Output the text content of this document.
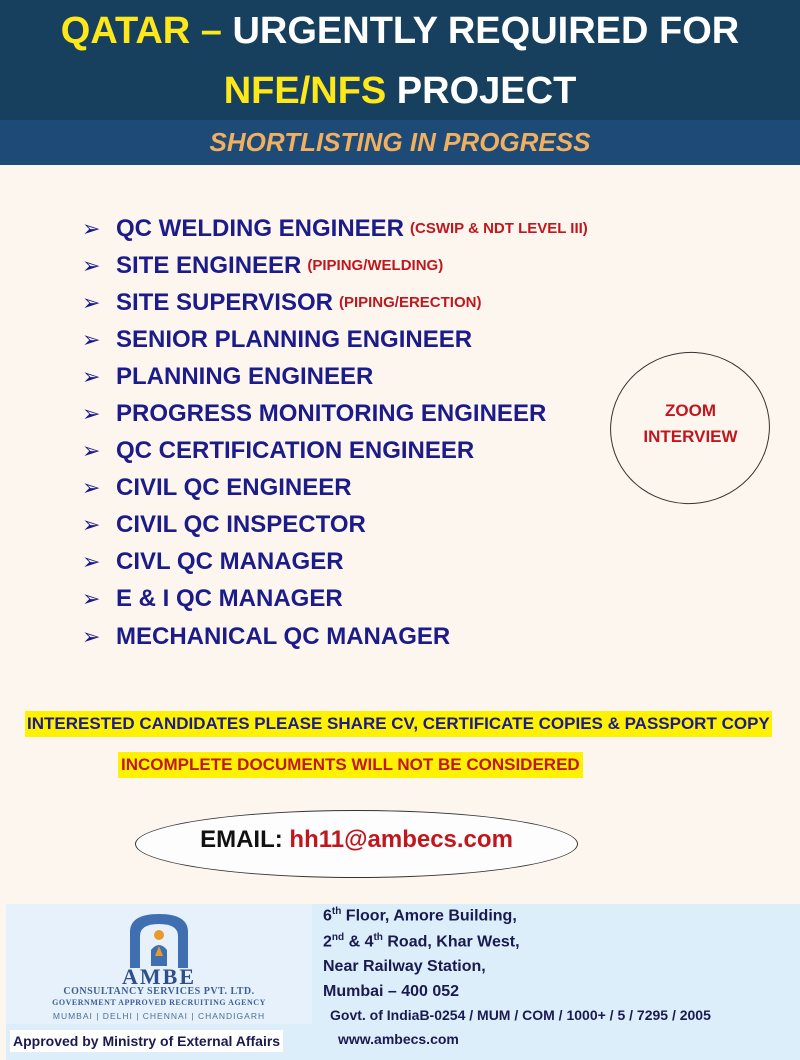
QATAR – URGENTLY REQUIRED FOR
NFE/NFS PROJECT
SHORTLISTING IN PROGRESS
➢ QC WELDING ENGINEER (CSWIP & NDT LEVEL III)
➢ SITE ENGINEER (PIPING/WELDING)
➢ SITE SUPERVISOR (PIPING/ERECTION)
➢ SENIOR PLANNING ENGINEER
➢ PLANNING ENGINEER
➢ PROGRESS MONITORING ENGINEER
➢ QC CERTIFICATION ENGINEER
➢ CIVIL QC ENGINEER
➢ CIVIL QC INSPECTOR
➢ CIVL QC MANAGER
➢ E & I QC MANAGER
➢ MECHANICAL QC MANAGER
ZOOM
INTERVIEW
INTERESTED CANDIDATES PLEASE SHARE CV, CERTIFICATE COPIES & PASSPORT COPY
INCOMPLETE DOCUMENTS WILL NOT BE CONSIDERED
EMAIL: hh11@ambecs.com
AMBE
CONSULTANCY SERVICES PVT. LTD.
GOVERNMENT APPROVED RECRUITING AGENCY
MUMBAI | DELHI | CHENNAI | CHANDIGARH
6th Floor, Amore Building,
2nd & 4th Road, Khar West,
Near Railway Station,
Mumbai – 400 052
Govt. of IndiaB-0254 / MUM / COM / 1000+ / 5 / 7295 / 2005
Approved by Ministry of External Affairs	www.ambecs.com
